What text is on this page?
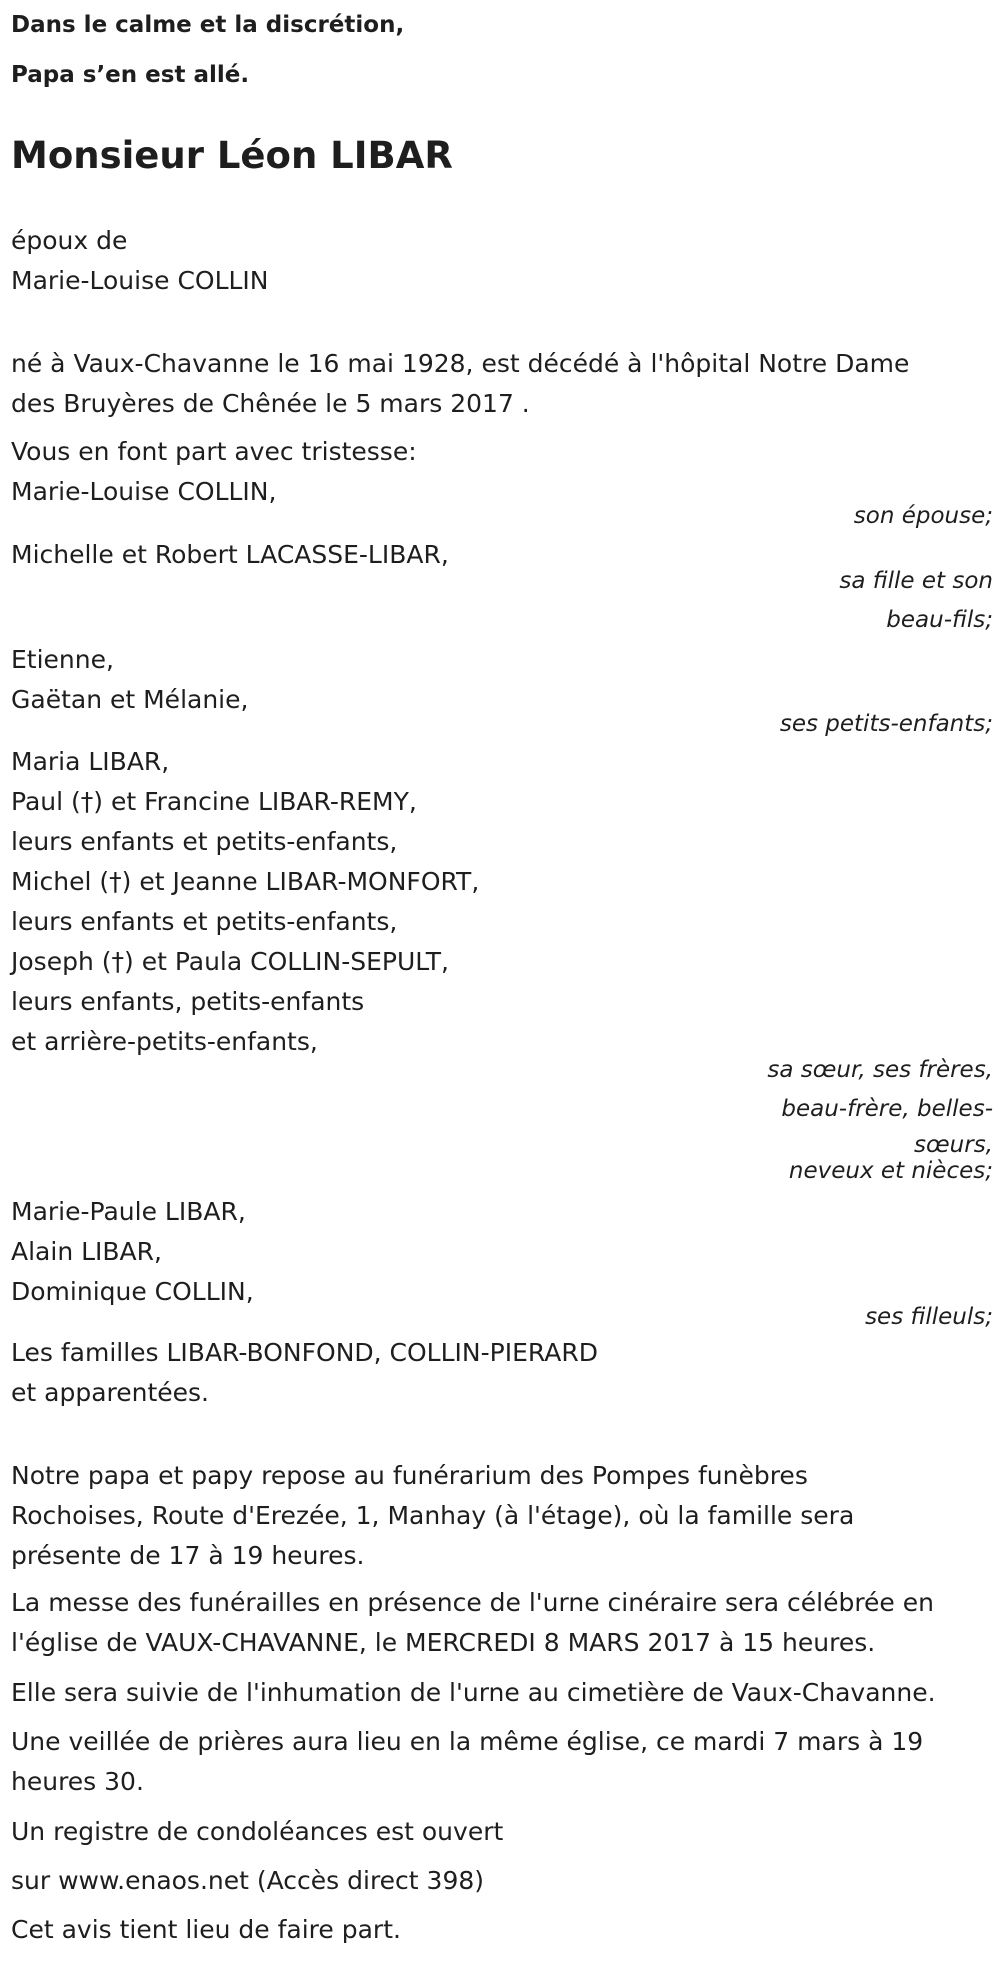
Dans le calme et la discrétion,
Papa s’en est allé.
Monsieur Léon LIBAR
époux de
Marie-Louise COLLIN
né à Vaux-Chavanne le 16 mai 1928, est décédé à l'hôpital Notre Dame
des Bruyères de Chênée le 5 mars 2017 .
Vous en font part avec tristesse:
Marie-Louise COLLIN,
son épouse;
Michelle et Robert LACASSE-LIBAR,
sa fille et son
beau-fils;
Etienne,
Gaëtan et Mélanie,
ses petits-enfants;
Maria LIBAR,
Paul (†) et Francine LIBAR-REMY,
leurs enfants et petits-enfants,
Michel (†) et Jeanne LIBAR-MONFORT,
leurs enfants et petits-enfants,
Joseph (†) et Paula COLLIN-SEPULT,
leurs enfants, petits-enfants
et arrière-petits-enfants,
sa sœur, ses frères,
beau-frère, belles-
sœurs,
neveux et nièces;
Marie-Paule LIBAR,
Alain LIBAR,
Dominique COLLIN,
ses filleuls;
Les familles LIBAR-BONFOND, COLLIN-PIERARD
et apparentées.
Notre papa et papy repose au funérarium des Pompes funèbres
Rochoises, Route d'Erezée, 1, Manhay (à l'étage), où la famille sera
présente de 17 à 19 heures.
La messe des funérailles en présence de l'urne cinéraire sera célébrée en
l'église de VAUX-CHAVANNE, le MERCREDI 8 MARS 2017 à 15 heures.
Elle sera suivie de l'inhumation de l'urne au cimetière de Vaux-Chavanne.
Une veillée de prières aura lieu en la même église, ce mardi 7 mars à 19
heures 30.
Un registre de condoléances est ouvert
sur www.enaos.net (Accès direct 398)
Cet avis tient lieu de faire part.
